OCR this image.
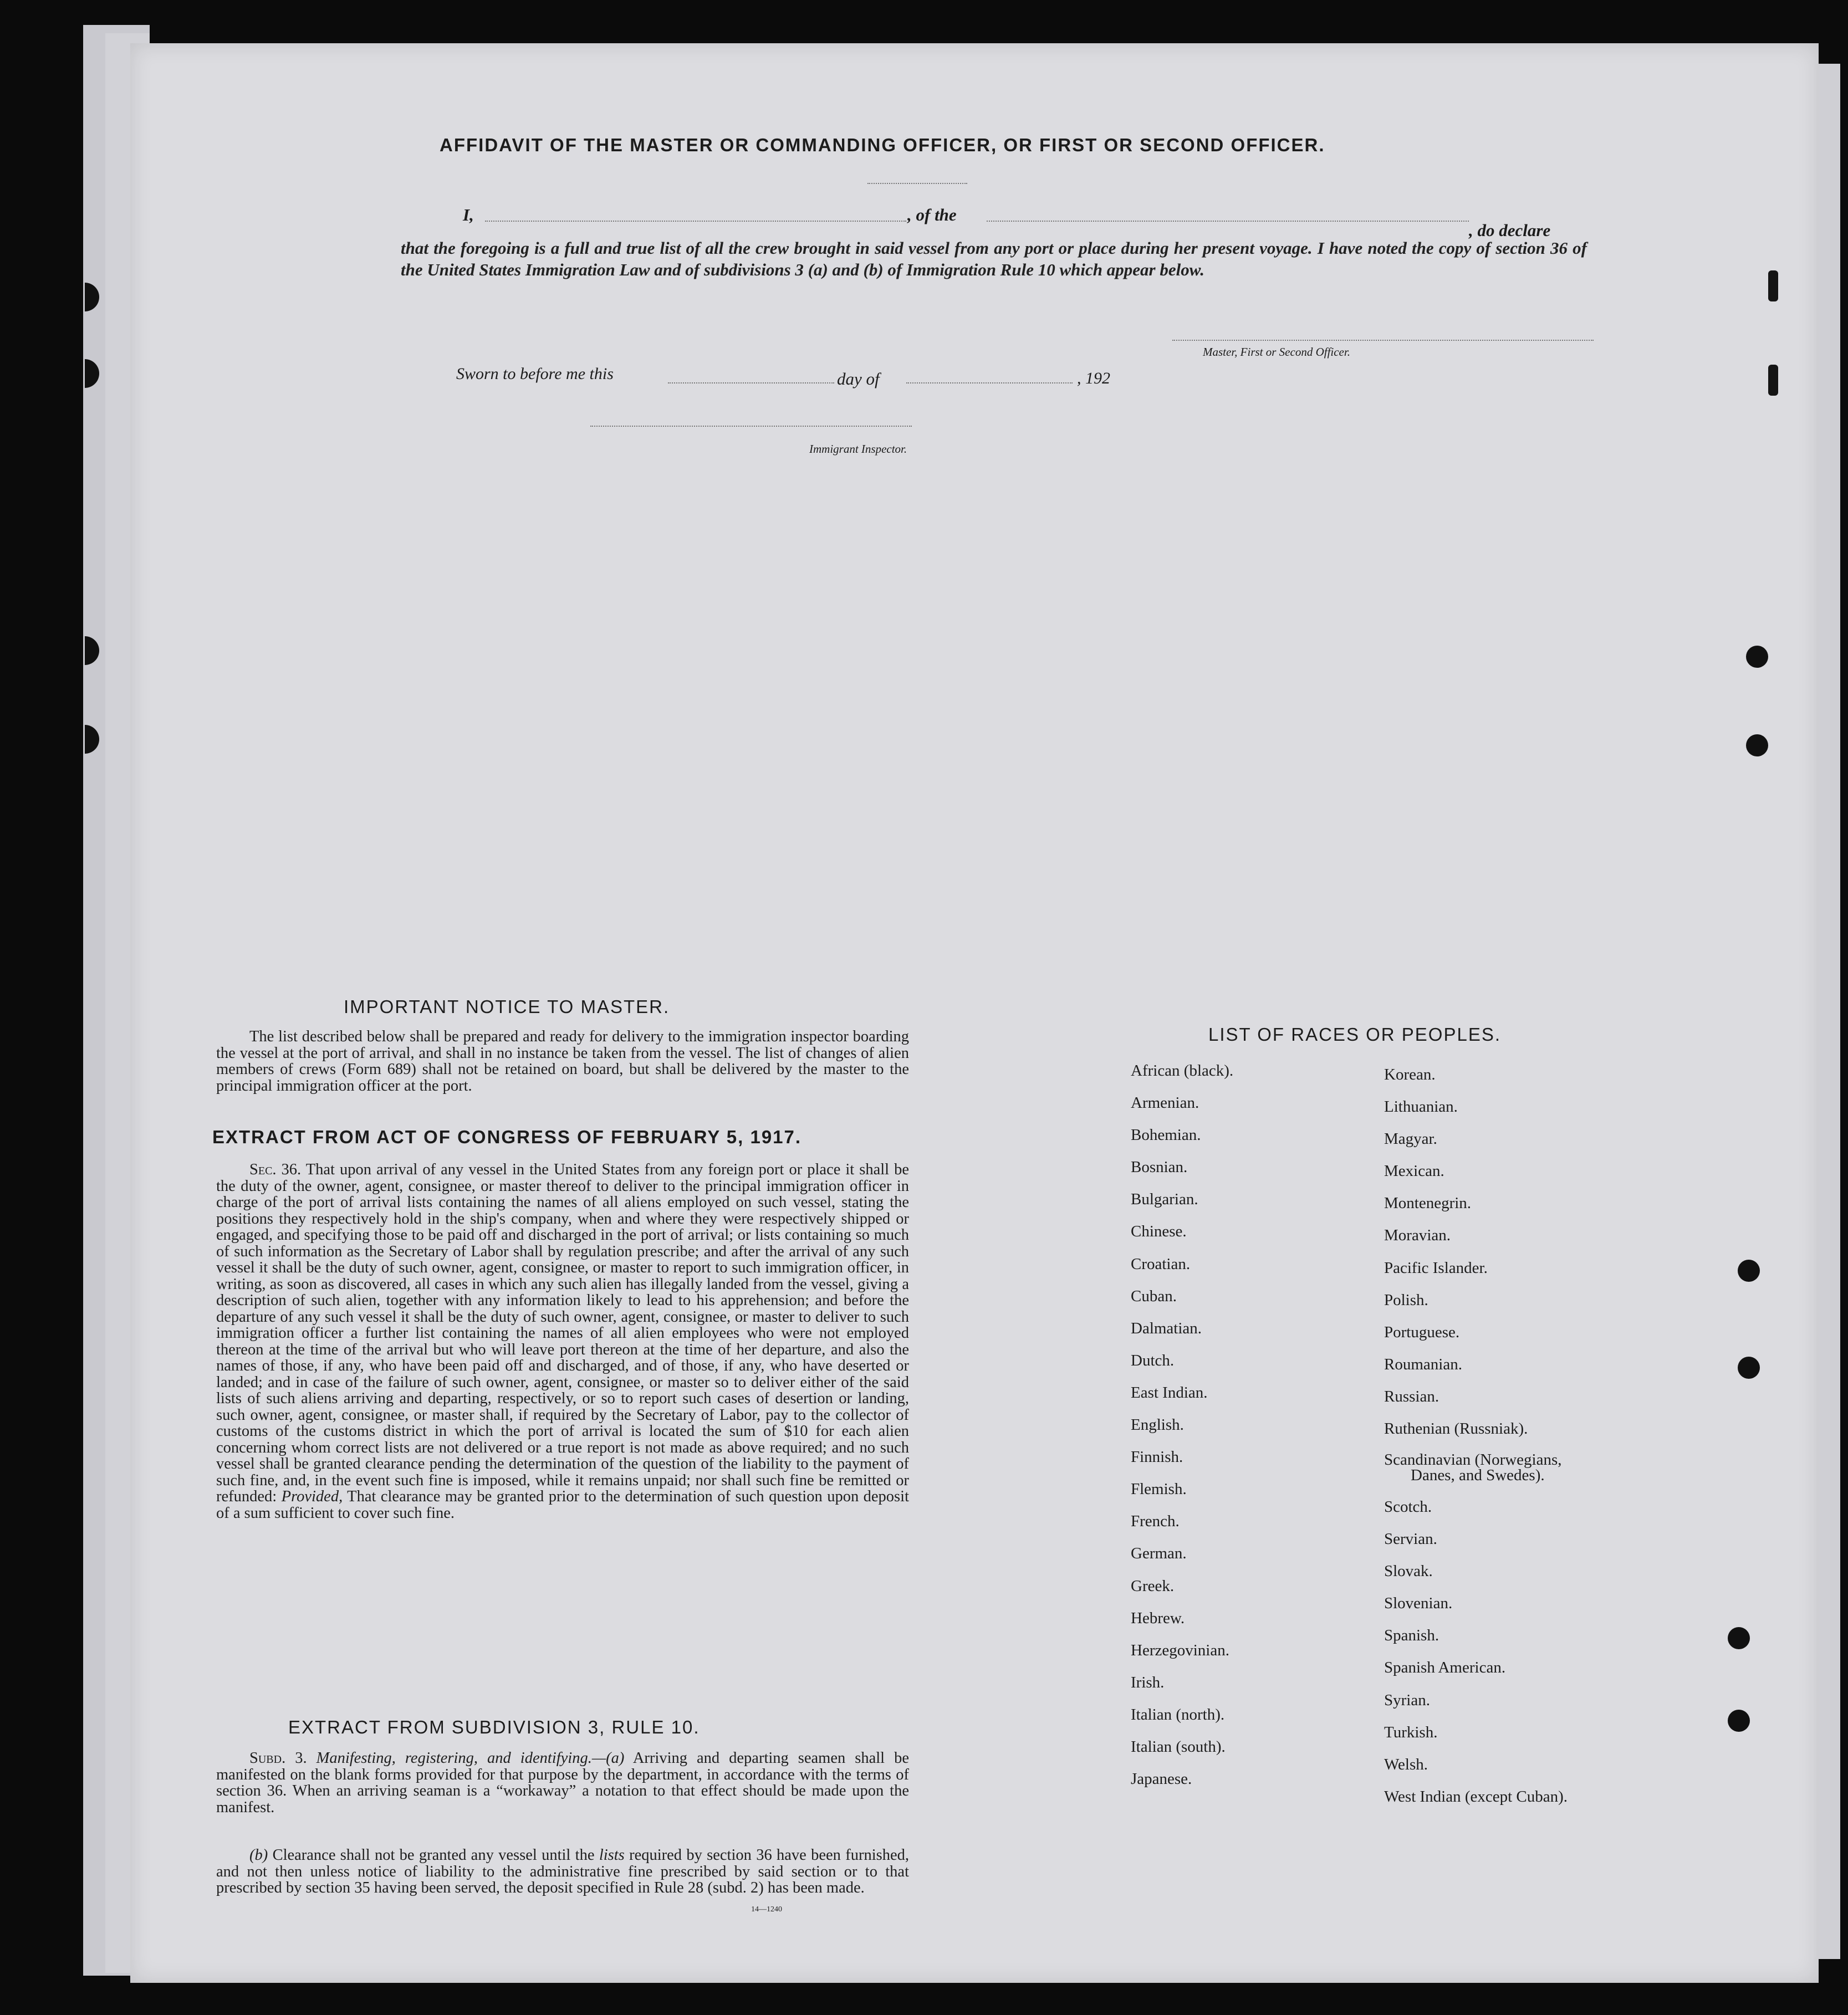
AFFIDAVIT OF THE MASTER OR COMMANDING OFFICER, OR FIRST OR SECOND OFFICER.
I,	, of the
, do declare
that the foregoing is a full and true list of all the crew brought in said vessel from any port or place during her present voyage. I have noted the copy of section 36 of the United States Immigration Law and of subdivisions 3 (a) and (b) of Immigration Rule 10 which appear below.
Master, First or Second Officer.
Sworn to before me this	day of	, 192
Immigrant Inspector.
IMPORTANT NOTICE TO MASTER.
The list described below shall be prepared and ready for delivery to the immigration inspector boarding the vessel at the port of arrival, and shall in no instance be taken from the vessel. The list of changes of alien members of crews (Form 689) shall not be retained on board, but shall be delivered by the master to the principal immigration officer at the port.
EXTRACT FROM ACT OF CONGRESS OF FEBRUARY 5, 1917.
Sec. 36. That upon arrival of any vessel in the United States from any foreign port or place it shall be the duty of the owner, agent, consignee, or master thereof to deliver to the principal immigration officer in charge of the port of arrival lists containing the names of all aliens employed on such vessel, stating the positions they respectively hold in the ship's company, when and where they were respectively shipped or engaged, and specifying those to be paid off and discharged in the port of arrival; or lists containing so much of such information as the Secretary of Labor shall by regulation prescribe; and after the arrival of any such vessel it shall be the duty of such owner, agent, consignee, or master to report to such immigration officer, in writing, as soon as discovered, all cases in which any such alien has illegally landed from the vessel, giving a description of such alien, together with any information likely to lead to his apprehension; and before the departure of any such vessel it shall be the duty of such owner, agent, consignee, or master to deliver to such immigration officer a further list containing the names of all alien employees who were not employed thereon at the time of the arrival but who will leave port thereon at the time of her departure, and also the names of those, if any, who have been paid off and discharged, and of those, if any, who have deserted or landed; and in case of the failure of such owner, agent, consignee, or master so to deliver either of the said lists of such aliens arriving and departing, respectively, or so to report such cases of desertion or landing, such owner, agent, consignee, or master shall, if required by the Secretary of Labor, pay to the collector of customs of the customs district in which the port of arrival is located the sum of $10 for each alien concerning whom correct lists are not delivered or a true report is not made as above required; and no such vessel shall be granted clearance pending the determination of the question of the liability to the payment of such fine, and, in the event such fine is imposed, while it remains unpaid; nor shall such fine be remitted or refunded: Provided, That clearance may be granted prior to the determination of such question upon deposit of a sum sufficient to cover such fine.
EXTRACT FROM SUBDIVISION 3, RULE 10.
Subd. 3. Manifesting, registering, and identifying.—(a) Arriving and departing seamen shall be manifested on the blank forms provided for that purpose by the department, in accordance with the terms of section 36. When an arriving seaman is a “workaway” a notation to that effect should be made upon the manifest.
(b) Clearance shall not be granted any vessel until the lists required by section 36 have been furnished, and not then unless notice of liability to the administrative fine prescribed by said section or to that prescribed by section 35 having been served, the deposit specified in Rule 28 (subd. 2) has been made.
14—1240
LIST OF RACES OR PEOPLES.
African (black).
Armenian.
Bohemian.
Bosnian.
Bulgarian.
Chinese.
Croatian.
Cuban.
Dalmatian.
Dutch.
East Indian.
English.
Finnish.
Flemish.
French.
German.
Greek.
Hebrew.
Herzegovinian.
Irish.
Italian (north).
Italian (south).
Japanese.
Korean.
Lithuanian.
Magyar.
Mexican.
Montenegrin.
Moravian.
Pacific Islander.
Polish.
Portuguese.
Roumanian.
Russian.
Ruthenian (Russniak).
Scandinavian (Norwegians,
Danes, and Swedes).
Scotch.
Servian.
Slovak.
Slovenian.
Spanish.
Spanish American.
Syrian.
Turkish.
Welsh.
West Indian (except Cuban).
